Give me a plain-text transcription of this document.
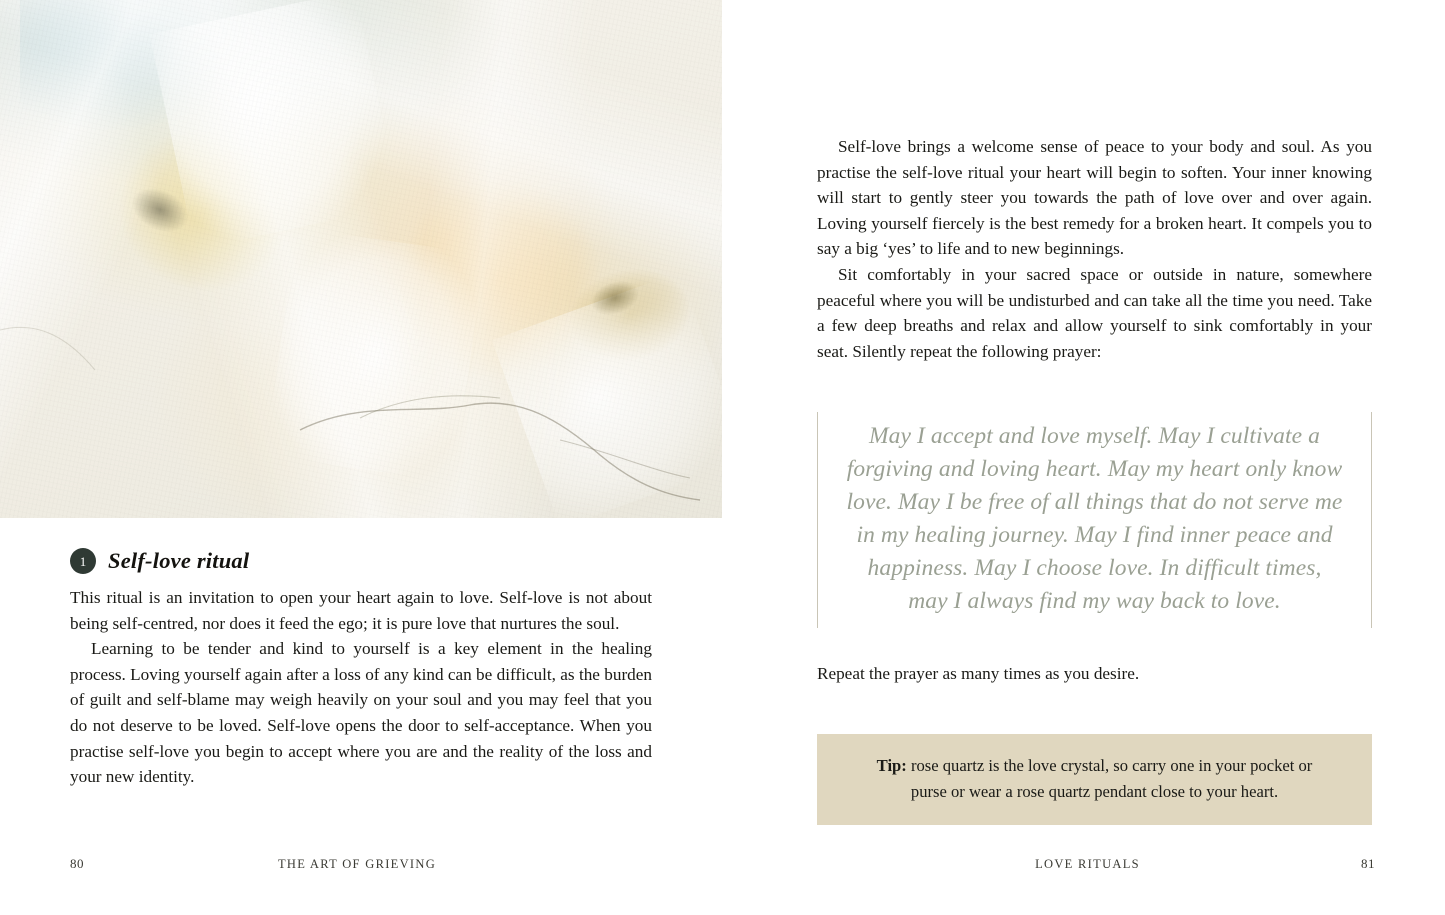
1 Self-love ritual

This ritual is an invitation to open your heart again to love. Self-love is not about being self-centred, nor does it feed the ego; it is pure love that nurtures the soul.

Learning to be tender and kind to yourself is a key element in the healing process. Loving yourself again after a loss of any kind can be difficult, as the burden of guilt and self-blame may weigh heavily on your soul and you may feel that you do not deserve to be loved. Self-love opens the door to self-acceptance. When you practise self-love you begin to accept where you are and the reality of the loss and your new identity.

80	THE ART OF GRIEVING

Self-love brings a welcome sense of peace to your body and soul. As you practise the self-love ritual your heart will begin to soften. Your inner knowing will start to gently steer you towards the path of love over and over again. Loving yourself fiercely is the best remedy for a broken heart. It compels you to say a big ‘yes’ to life and to new beginnings.

Sit comfortably in your sacred space or outside in nature, somewhere peaceful where you will be undisturbed and can take all the time you need. Take a few deep breaths and relax and allow yourself to sink comfortably in your seat. Silently repeat the following prayer:

May I accept and love myself. May I cultivate a forgiving and loving heart. May my heart only know love. May I be free of all things that do not serve me in my healing journey. May I find inner peace and happiness. May I choose love. In difficult times, may I always find my way back to love.

Repeat the prayer as many times as you desire.

Tip: rose quartz is the love crystal, so carry one in your pocket or purse or wear a rose quartz pendant close to your heart.

81
LOVE RITUALS
